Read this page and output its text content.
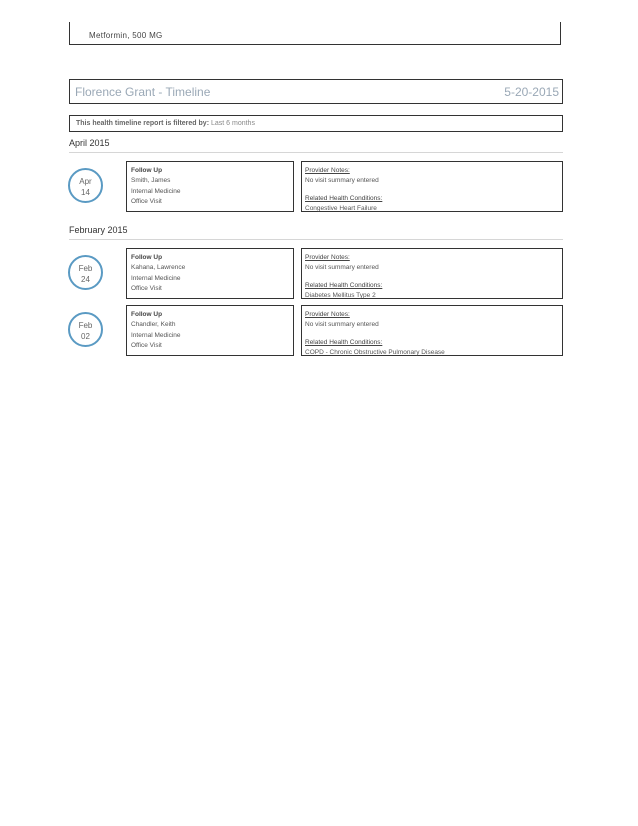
Metformin, 500 MG
Florence Grant - Timeline	5-20-2015
This health timeline report is filtered by: Last 6 months
April 2015
Apr
14
Follow Up
Smith, James
Internal Medicine
Office Visit
Provider Notes:
No visit summary entered
Related Health Conditions:
Congestive Heart Failure
February 2015
Feb
24
Follow Up
Kahana, Lawrence
Internal Medicine
Office Visit
Provider Notes:
No visit summary entered
Related Health Conditions:
Diabetes Mellitus Type 2
Feb
02
Follow Up
Chandler, Keith
Internal Medicine
Office Visit
Provider Notes:
No visit summary entered
Related Health Conditions:
COPD - Chronic Obstructive Pulmonary Disease
